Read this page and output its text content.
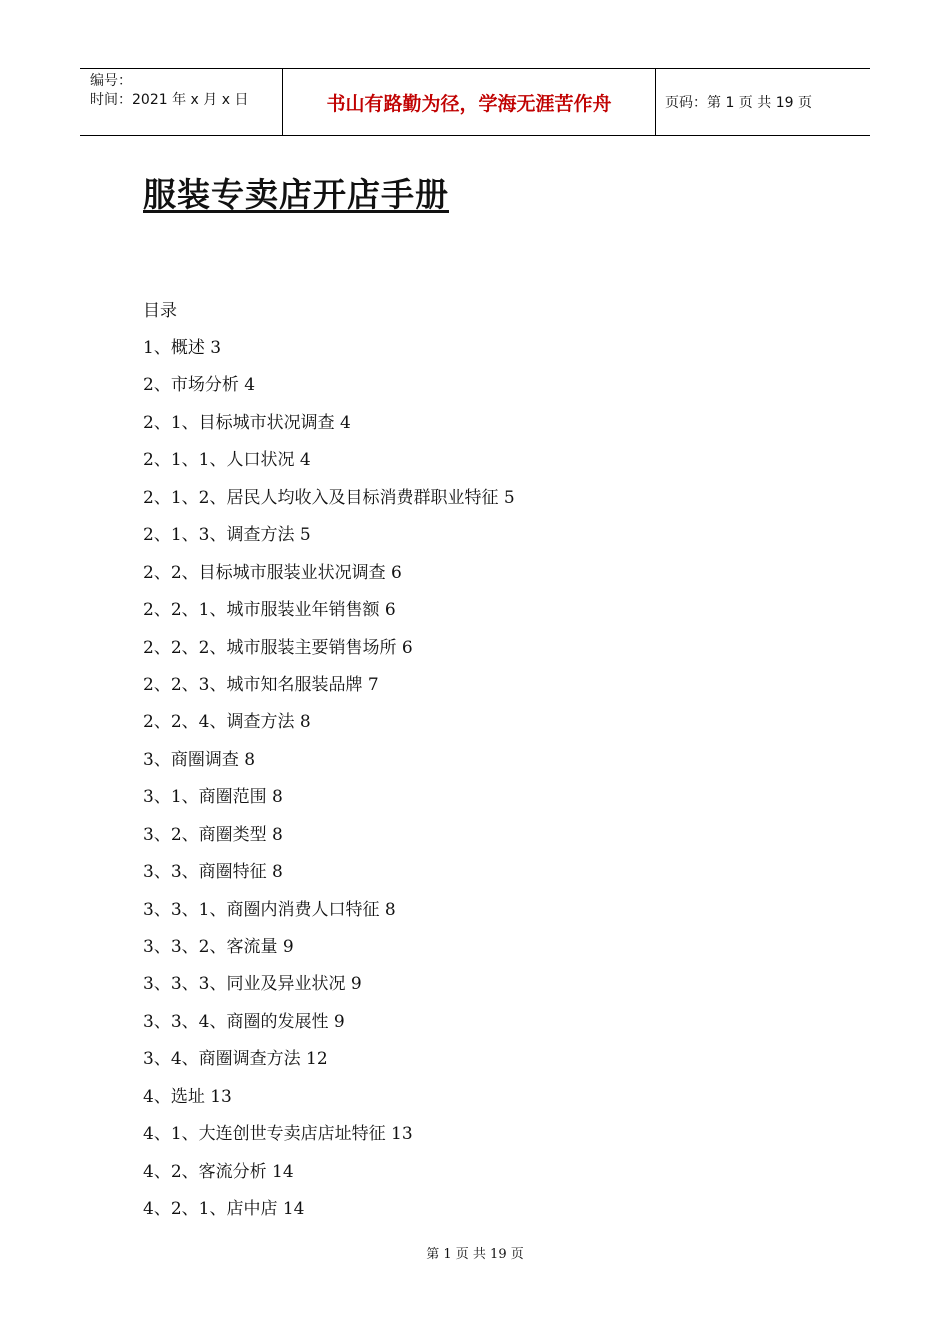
编号：
时间：2021 年 x 月 x 日	书山有路勤为径，学海无涯苦作舟	页码：第 1 页 共 19 页
服装专卖店开店手册
目录
1、概述 3
2、市场分析 4
2、1、目标城市状况调查 4
2、1、1、人口状况 4
2、1、2、居民人均收入及目标消费群职业特征 5
2、1、3、调查方法 5
2、2、目标城市服装业状况调查 6
2、2、1、城市服装业年销售额 6
2、2、2、城市服装主要销售场所 6
2、2、3、城市知名服装品牌 7
2、2、4、调查方法 8
3、商圈调查 8
3、1、商圈范围 8
3、2、商圈类型 8
3、3、商圈特征 8
3、3、1、商圈内消费人口特征 8
3、3、2、客流量 9
3、3、3、同业及异业状况 9
3、3、4、商圈的发展性 9
3、4、商圈调查方法 12
4、选址 13
4、1、大连创世专卖店店址特征 13
4、2、客流分析 14
4、2、1、店中店 14
第 1 页 共 19 页
